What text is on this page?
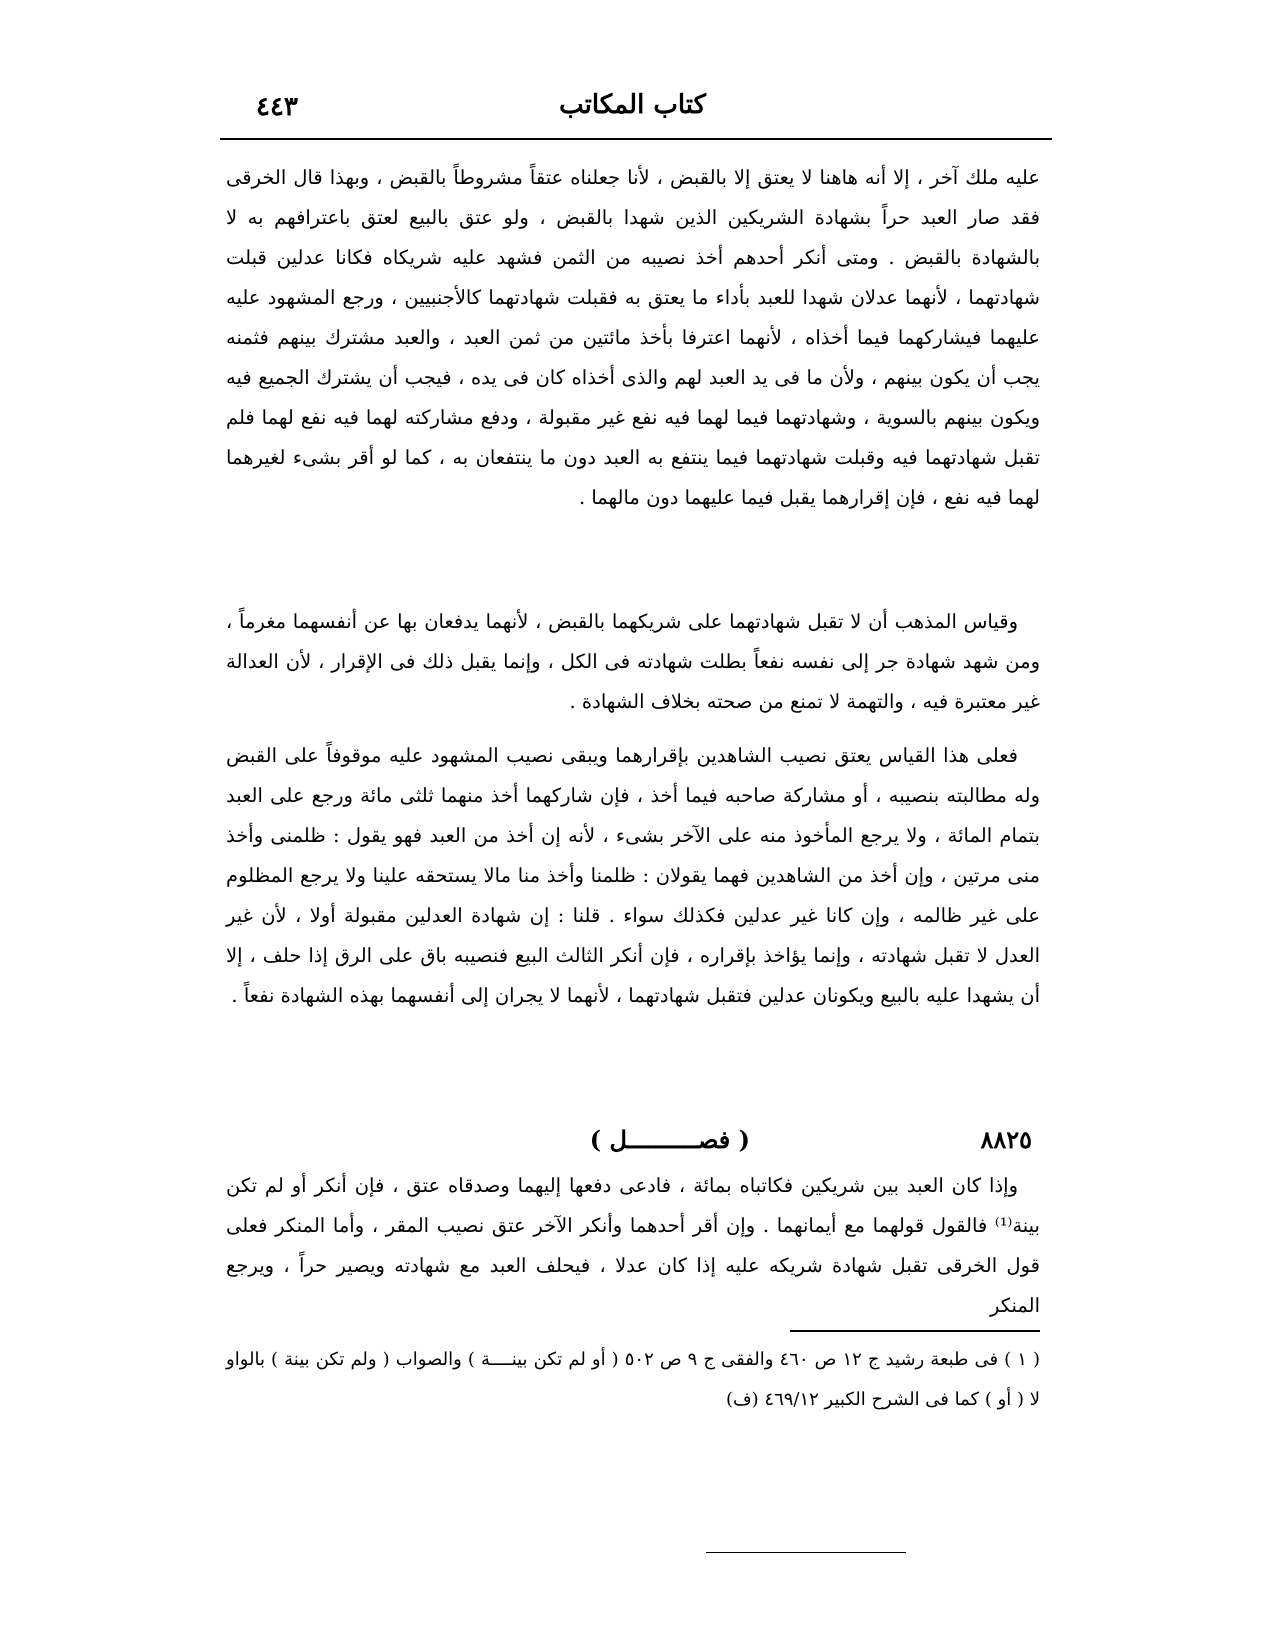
كتاب المكاتب
٤٤٣

عليه ملك آخر ، إلا أنه هاهنا لا يعتق إلا بالقبض ، لأنا جعلناه عتقاً مشروطاً بالقبض ، وبهذا قال الخرقى فقد صار العبد حراً بشهادة الشريكين الذين شهدا بالقبض ، ولو عتق بالبيع لعتق باعترافهم به لا بالشهادة بالقبض . ومتى أنكر أحدهم أخذ نصيبه من الثمن فشهد عليه شريكاه فكانا عدلين قبلت شهادتهما ، لأنهما عدلان شهدا للعبد بأداء ما يعتق به فقبلت شهادتهما كالأجنبيين ، ورجع المشهود عليه عليهما فيشاركهما فيما أخذاه ، لأنهما اعترفا بأخذ مائتين من ثمن العبد ، والعبد مشترك بينهم فثمنه يجب أن يكون بينهم ، ولأن ما فى يد العبد لهم والذى أخذاه كان فى يده ، فيجب أن يشترك الجميع فيه ويكون بينهم بالسوية ، وشهادتهما فيما لهما فيه نفع غير مقبولة ، ودفع مشاركته لهما فيه نفع لهما فلم تقبل شهادتهما فيه وقبلت شهادتهما فيما ينتفع به العبد دون ما ينتفعان به ، كما لو أقر بشىء لغيرهما لهما فيه نفع ، فإن إقرارهما يقبل فيما عليهما دون مالهما .

وقياس المذهب أن لا تقبل شهادتهما على شريكهما بالقبض ، لأنهما يدفعان بها عن أنفسهما مغرماً ، ومن شهد شهادة جر إلى نفسه نفعاً بطلت شهادته فى الكل ، وإنما يقبل ذلك فى الإقرار ، لأن العدالة غير معتبرة فيه ، والتهمة لا تمنع من صحته بخلاف الشهادة .

فعلى هذا القياس يعتق نصيب الشاهدين بإقرارهما ويبقى نصيب المشهود عليه موقوفاً على القبض وله مطالبته بنصيبه ، أو مشاركة صاحبه فيما أخذ ، فإن شاركهما أخذ منهما ثلثى مائة ورجع على العبد بتمام المائة ، ولا يرجع المأخوذ منه على الآخر بشىء ، لأنه إن أخذ من العبد فهو يقول : ظلمنى وأخذ منى مرتين ، وإن أخذ من الشاهدين فهما يقولان : ظلمنا وأخذ منا مالا يستحقه علينا ولا يرجع المظلوم على غير ظالمه ، وإن كانا غير عدلين فكذلك سواء . قلنا : إن شهادة العدلين مقبولة أولا ، لأن غير العدل لا تقبل شهادته ، وإنما يؤاخذ بإقراره ، فإن أنكر الثالث البيع فنصيبه باق على الرق إذا حلف ، إلا أن يشهدا عليه بالبيع ويكونان عدلين فتقبل شهادتهما ، لأنهما لا يجران إلى أنفسهما بهذه الشهادة نفعاً .

٨٨٢٥
( فصــــــــــل )

وإذا كان العبد بين شريكين فكاتباه بمائة ، فادعى دفعها إليهما وصدقاه عتق ، فإن أنكر أو لم تكن بينة⁽¹⁾ فالقول قولهما مع أيمانهما . وإن أقر أحدهما وأنكر الآخر عتق نصيب المقر ، وأما المنكر فعلى قول الخرقى تقبل شهادة شريكه عليه إذا كان عدلا ، فيحلف العبد مع شهادته ويصير حراً ، ويرجع المنكر

( ١ ) فى طبعة رشيد ج ١٢ ص ٤٦٠ والفقى ج ٩ ص ٥٠٢ ( أو لم تكن بينــــة ) والصواب ( ولم تكن بينة ) بالواو لا ( أو ) كما فى الشرح الكبير ٤٦٩/١٢ (ف)
